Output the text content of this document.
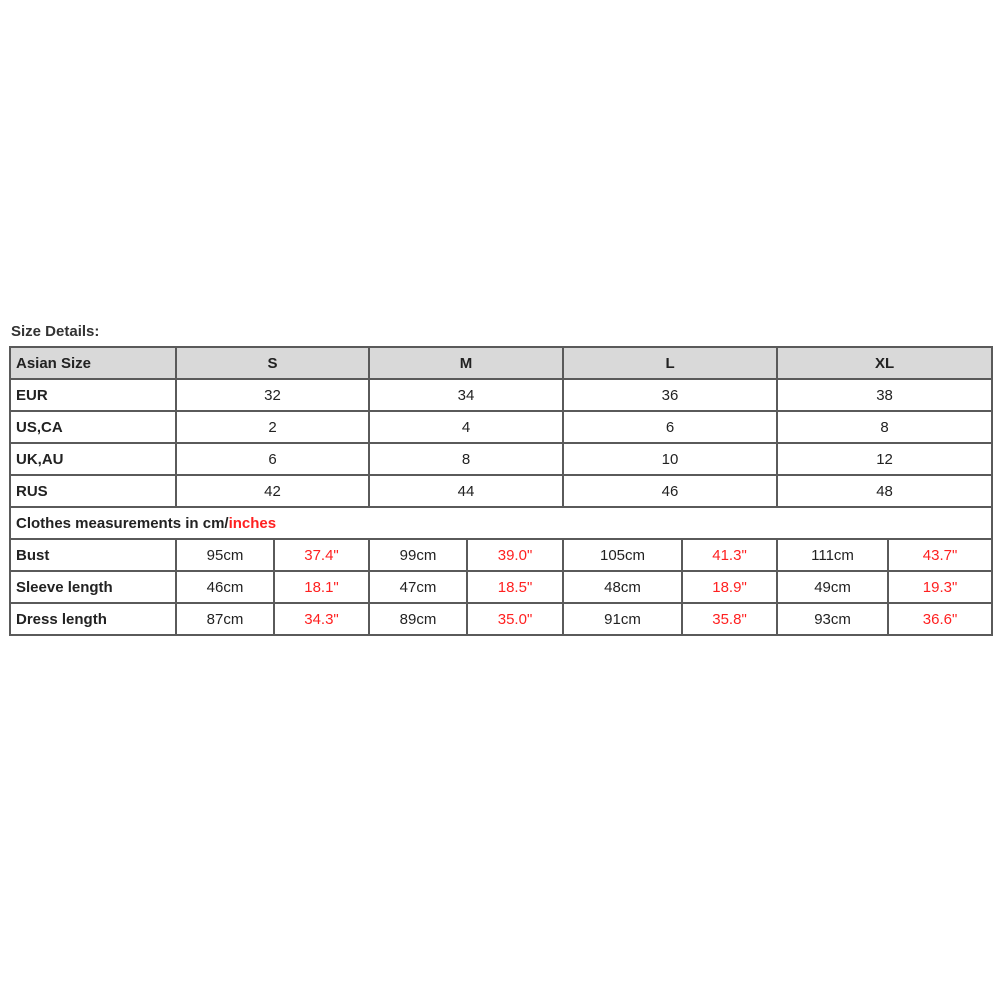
Size Details:
Asian Size	S		M		L		XL	
EUR	32		34		36		38	
US,CA	2		4		6		8	
UK,AU	6		8		10		12	
RUS	42		44		46		48	
Clothes measurements in cm/inches								
Bust	95cm	37.4"	99cm	39.0"	105cm	41.3"	111cm	43.7"
Sleeve length	46cm	18.1"	47cm	18.5"	48cm	18.9"	49cm	19.3"
Dress length	87cm	34.3"	89cm	35.0"	91cm	35.8"	93cm	36.6"
